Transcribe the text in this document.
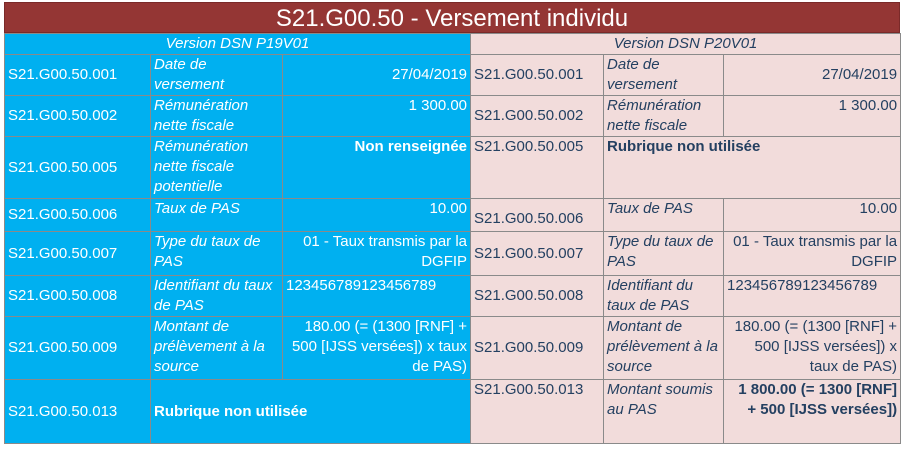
S21.G00.50 - Versement individu
Version DSN P19V01			Version DSN P20V01		
S21.G00.50.001	Date de versement	27/04/2019	S21.G00.50.001	Date de versement	27/04/2019
S21.G00.50.002	Rémunération nette fiscale	1 300.00	S21.G00.50.002	Rémunération nette fiscale	1 300.00
S21.G00.50.005	Rémunération nette fiscale potentielle	Non renseignée	S21.G00.50.005	Rubrique non utilisée	
S21.G00.50.006	Taux de PAS	10.00	S21.G00.50.006	Taux de PAS	10.00
S21.G00.50.007	Type du taux de PAS	01 - Taux transmis par la DGFIP	S21.G00.50.007	Type du taux de PAS	01 - Taux transmis par la DGFIP
S21.G00.50.008	Identifiant du taux de PAS	123456789123456789	S21.G00.50.008	Identifiant du taux de PAS	123456789123456789
S21.G00.50.009	Montant de prélèvement à la source	180.00 (= (1300 [RNF] + 500 [IJSS versées]) x taux de PAS)	S21.G00.50.009	Montant de prélèvement à la source	180.00 (= (1300 [RNF] + 500 [IJSS versées]) x taux de PAS)
S21.G00.50.013	Rubrique non utilisée		S21.G00.50.013	Montant soumis au PAS	1 800.00 (= 1300 [RNF] + 500 [IJSS versées])
